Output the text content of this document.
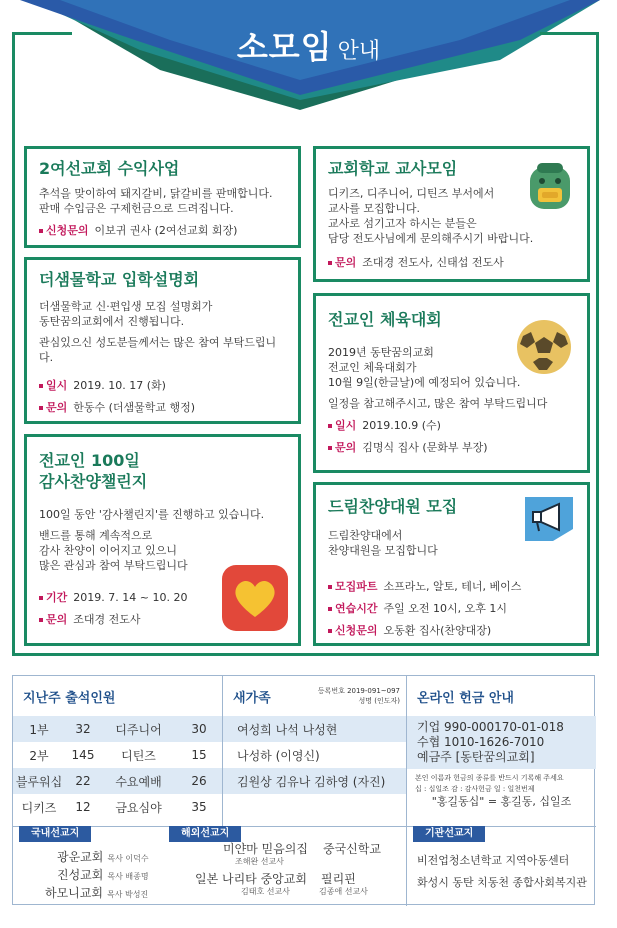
소모임 안내
2여선교회 수익사업

추석을 맞이하여 돼지갈비, 닭갈비를 판매합니다.

판매 수입금은 구제헌금으로 드려집니다.

신청문의 이보귀 권사 (2여선교회 회장)
교회학교 교사모임

디키즈, 디주니어, 디틴즈 부서에서

교사를 모집합니다.

교사로 섬기고자 하시는 분들은

담당 전도사님에게 문의해주시기 바랍니다.

문의 조대경 전도사, 신태섭 전도사
더샘물학교 입학설명회

더샘물학교 신·편입생 모집 설명회가

동탄꿈의교회에서 진행됩니다.

관심있으신 성도분들께서는 많은 참여 부탁드립니다.

일시 2019. 10. 17 (화)
문의 한동수 (더샘물학교 행정)
전교인 체육대회

2019년 동탄꿈의교회

전교인 체육대회가

10월 9일(한글날)에 예정되어 있습니다.

일정을 참고해주시고, 많은 참여 부탁드립니다

일시 2019.10.9 (수)
문의 김명식 집사 (문화부 부장)
전교인 100일
감사찬양챌린지

100일 동안 '감사챌린지'를 진행하고 있습니다.

밴드를 통해 계속적으로

감사 찬양이 이어지고 있으니

많은 관심과 참여 부탁드립니다

기간 2019. 7. 14 ~ 10. 20
문의 조대경 전도사
드림찬양대원 모집

드림찬양대에서

찬양대원을 모집합니다

모집파트 소프라노, 알토, 테너, 베이스
연습시간 주일 오전 10시, 오후 1시
신청문의 오동환 집사(찬양대장)
지난주 출석인원
1부	32	디주니어	30
2부	145	디틴즈	15
블루워십	22	수요예배	26
디키즈	12	금요심야	35
새가족	등록번호 2019-091~097
성명 (인도자)
여성희 나석 나성현
나성하 (이영신)
김원상 김유나 김하영 (자진)
온라인 헌금 안내
기업 990-000170-01-018
수협 1010-1626-7010
예금주 [동탄꿈의교회]
본인 이름과 헌금의 종류를 반드시 기록해 주세요
십 : 십일조 감 : 감사헌금 일 : 일천번제
"홍길동십" = 홍길동, 십일조
국내선교지
광운교회 목사 이덕수
진성교회 목사 배종명
하모니교회 목사 박성진
해외선교지
미얀마 믿음의집
조해완 선교사
중국신학교
일본 나리타 중앙교회
김태호 선교사
필리핀
김종애 선교사
기관선교지
비전업청소년학교 지역아동센터
화성시 동탄 치동천 종합사회복지관
